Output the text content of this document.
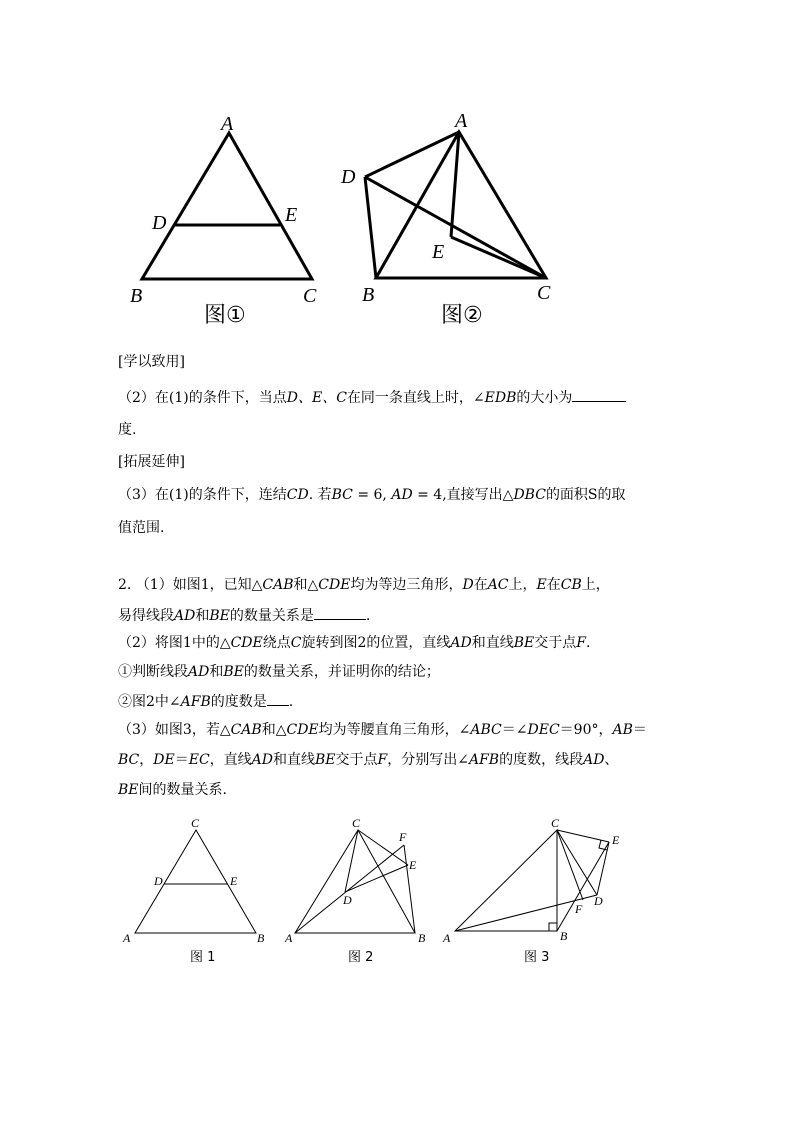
A
B	C
D	E
图①
A
B	C
D
E
图②
[学以致用]
（2）在(1)的条件下，当点D、E、C在同一条直线上时，∠EDB的大小为
度.
[拓展延伸]
（3）在(1)的条件下，连结CD. 若BC = 6, AD = 4,直接写出△DBC的面积S的取
值范围.
2. （1）如图1，已知△CAB和△CDE均为等边三角形，D在AC上，E在CB上，
易得线段AD和BE的数量关系是	.
（2）将图1中的△CDE绕点C旋转到图2的位置，直线AD和直线BE交于点F.
①判断线段AD和BE的数量关系，并证明你的结论；
②图2中∠AFB的度数是 .
（3）如图3，若△CAB和△CDE均为等腰直角三角形，∠ABC＝∠DEC＝90°，AB＝
BC，DE＝EC，直线AD和直线BE交于点F，分别写出∠AFB的度数，线段AD、
BE间的数量关系.
C
A	B
D	E
图 1
C
A	B
D
E
F
图 2
C
A	B
D
E
F
图 3
